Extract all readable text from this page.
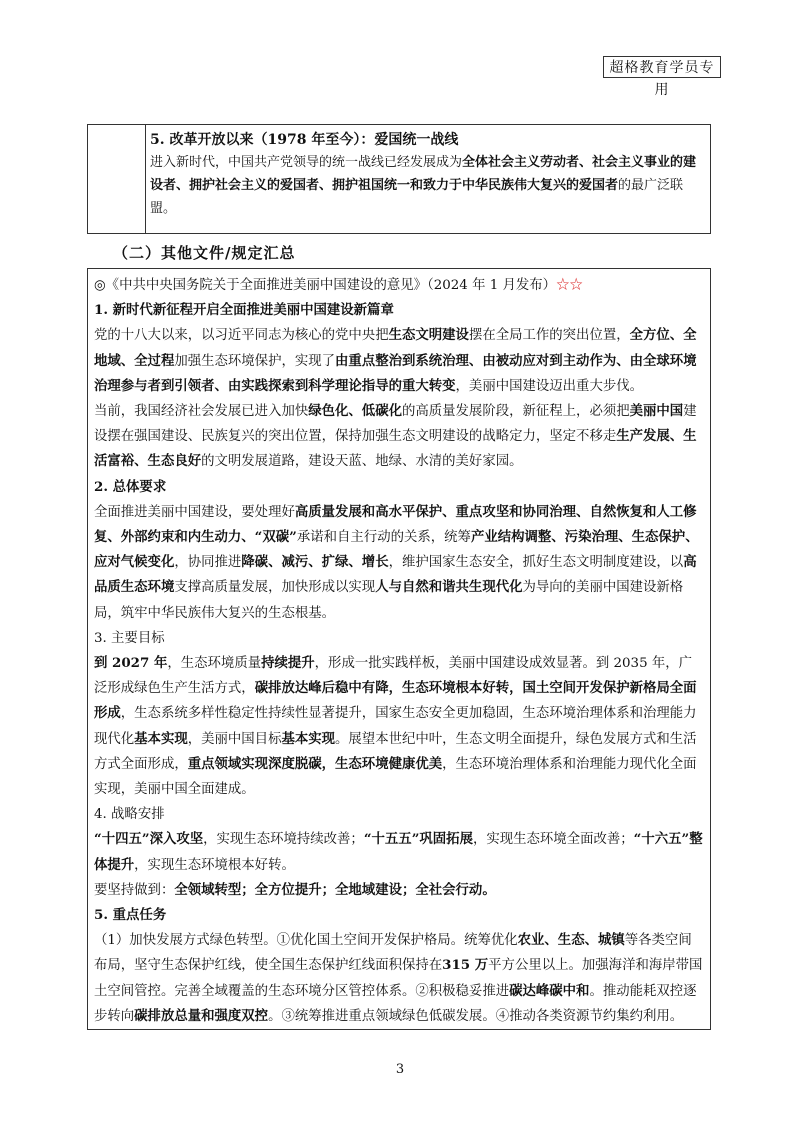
超格教育学员专用

5. 改革开放以来（1978 年至今）：爱国统一战线

进入新时代，中国共产党领导的统一战线已经发展成为全体社会主义劳动者、社会主义事业的建设者、拥护社会主义的爱国者、拥护祖国统一和致力于中华民族伟大复兴的爱国者的最广泛联盟。

（二）其他文件/规定汇总

◎《中共中央国务院关于全面推进美丽中国建设的意见》（2024 年 1 月发布）☆☆

1. 新时代新征程开启全面推进美丽中国建设新篇章

党的十八大以来，以习近平同志为核心的党中央把生态文明建设摆在全局工作的突出位置，全方位、全地域、全过程加强生态环境保护，实现了由重点整治到系统治理、由被动应对到主动作为、由全球环境治理参与者到引领者、由实践探索到科学理论指导的重大转变，美丽中国建设迈出重大步伐。

当前，我国经济社会发展已进入加快绿色化、低碳化的高质量发展阶段，新征程上，必须把美丽中国建设摆在强国建设、民族复兴的突出位置，保持加强生态文明建设的战略定力，坚定不移走生产发展、生活富裕、生态良好的文明发展道路，建设天蓝、地绿、水清的美好家园。

2. 总体要求

全面推进美丽中国建设，要处理好高质量发展和高水平保护、重点攻坚和协同治理、自然恢复和人工修复、外部约束和内生动力、“双碳”承诺和自主行动的关系，统筹产业结构调整、污染治理、生态保护、应对气候变化，协同推进降碳、减污、扩绿、增长，维护国家生态安全，抓好生态文明制度建设，以高品质生态环境支撑高质量发展，加快形成以实现人与自然和谐共生现代化为导向的美丽中国建设新格局，筑牢中华民族伟大复兴的生态根基。

3. 主要目标

到 2027 年，生态环境质量持续提升，形成一批实践样板，美丽中国建设成效显著。到 2035 年，广泛形成绿色生产生活方式，碳排放达峰后稳中有降，生态环境根本好转，国土空间开发保护新格局全面形成，生态系统多样性稳定性持续性显著提升，国家生态安全更加稳固，生态环境治理体系和治理能力现代化基本实现，美丽中国目标基本实现。展望本世纪中叶，生态文明全面提升，绿色发展方式和生活方式全面形成，重点领域实现深度脱碳，生态环境健康优美，生态环境治理体系和治理能力现代化全面实现，美丽中国全面建成。

4. 战略安排

“十四五”深入攻坚，实现生态环境持续改善；“十五五”巩固拓展，实现生态环境全面改善；“十六五”整体提升，实现生态环境根本好转。

要坚持做到：全领域转型；全方位提升；全地域建设；全社会行动。

5. 重点任务

（1）加快发展方式绿色转型。①优化国土空间开发保护格局。统筹优化农业、生态、城镇等各类空间布局，坚守生态保护红线，使全国生态保护红线面积保持在315 万平方公里以上。加强海洋和海岸带国土空间管控。完善全域覆盖的生态环境分区管控体系。②积极稳妥推进碳达峰碳中和。推动能耗双控逐步转向碳排放总量和强度双控。③统筹推进重点领域绿色低碳发展。④推动各类资源节约集约利用。

3
